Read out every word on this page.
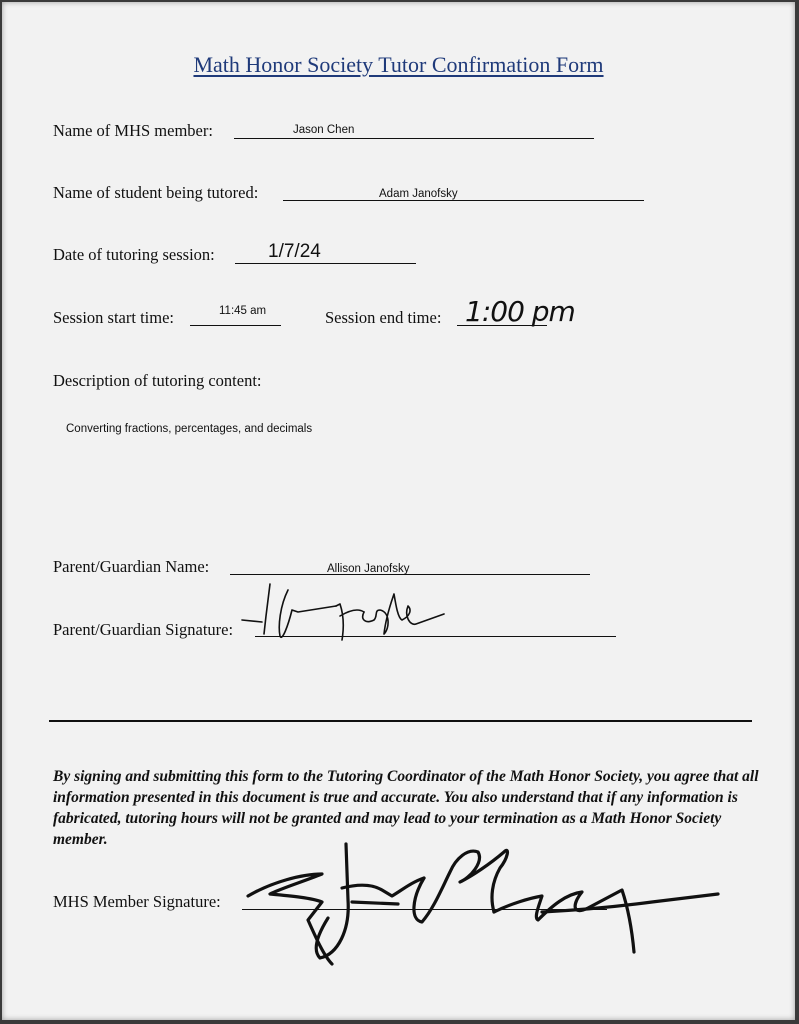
Math Honor Society Tutor Confirmation Form
Name of MHS member:	Jason Chen
Name of student being tutored:	Adam Janofsky
Date of tutoring session:	1/7/24
Session start time:	11:45 am	Session end time: 1:00 pm
Description of tutoring content:
Converting fractions, percentages, and decimals
Parent/Guardian Name:	Allison Janofsky
Parent/Guardian Signature:
By signing and submitting this form to the Tutoring Coordinator of the Math Honor Society, you agree that all information presented in this document is true and accurate. You also understand that if any information is fabricated, tutoring hours will not be granted and may lead to your termination as a Math Honor Society member.
MHS Member Signature:
